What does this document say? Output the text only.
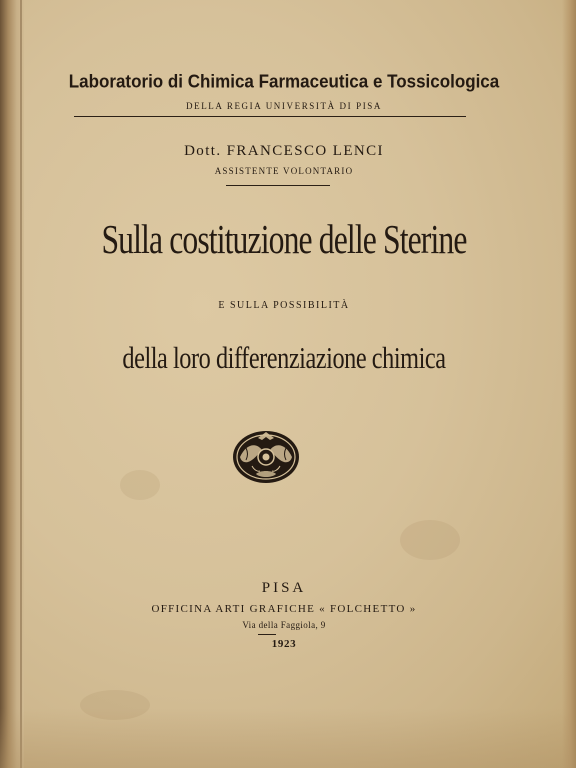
Laboratorio di Chimica Farmaceutica e Tossicologica
DELLA REGIA UNIVERSITÀ DI PISA
Dott. FRANCESCO LENCI
ASSISTENTE VOLONTARIO
Sulla costituzione delle Sterine
E SULLA POSSIBILITÀ
della loro differenziazione chimica
PISA
OFFICINA ARTI GRAFICHE « FOLCHETTO »
Via della Faggiola, 9
1923
